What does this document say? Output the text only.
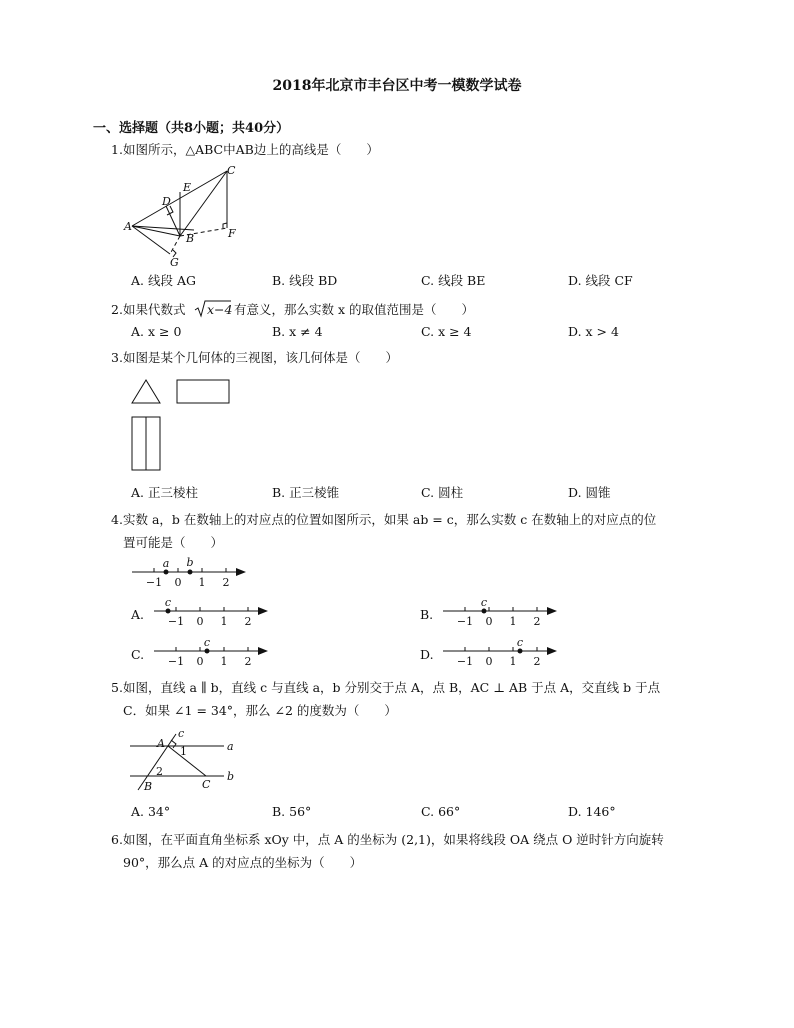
2018年北京市丰台区中考一模数学试卷
一、选择题（共8小题；共40分）
1. 如图所示，△ABC中AB边上的高线是（　　）
C
E
D
A
B	F
G
A. 线段 AG	B. 线段 BD	C. 线段 BE	D. 线段 CF
2. 如果代数式 x−4 有意义，那么实数 x 的取值范围是（　　）
A. x ≥ 0	B. x ≠ 4	C. x ≥ 4	D. x > 4
3. 如图是某个几何体的三视图，该几何体是（　　）
A. 正三棱柱	B. 正三棱锥	C. 圆柱	D. 圆锥
4. 实数 a，b 在数轴上的对应点的位置如图所示，如果 ab = c，那么实数 c 在数轴上的对应点的位
置可能是（　　）
a b
−1 0 1 2
A.
c
−1 0 1 2	B.
c
−1 0 1 2
C.
c
−1 0 1 2	D.
c
−1 0 1 2
5. 如图，直线 a ∥ b，直线 c 与直线 a，b 分别交于点 A，点 B，AC ⊥ AB 于点 A，交直线 b 于点
C．如果 ∠1 = 34°，那么 ∠2 的度数为（　　）
c
A
1	a
2
B	C
b
A. 34°	B. 56°	C. 66°	D. 146°
6. 如图，在平面直角坐标系 xOy 中，点 A 的坐标为 (2,1)，如果将线段 OA 绕点 O 逆时针方向旋转
90°，那么点 A 的对应点的坐标为（　　）
